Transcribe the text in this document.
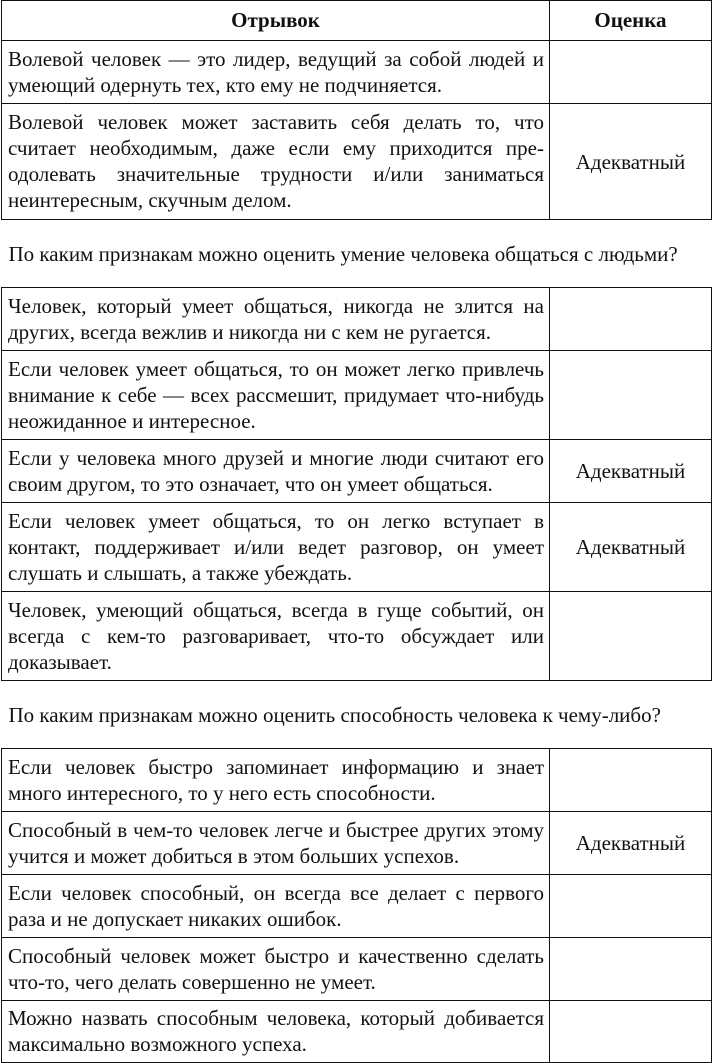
Отрывок	Оценка
Волевой человек — это лидер, ведущий за собой людей и умеющий одернуть тех, кто ему не подчиняется.	
Волевой человек может заставить себя делать то, что считает необходимым, даже если ему приходится преодолевать значительные трудности и/или заниматься неинтересным, скучным делом.	Адекватный
По каким признакам можно оценить умение человека общаться с людьми?	
Человек, который умеет общаться, никогда не злится на других, всегда вежлив и никогда ни с кем не ругается.	
Если человек умеет общаться, то он может легко привлечь внимание к себе — всех рассмешит, придумает что-нибудь неожиданное и интересное.	
Если у человека много друзей и многие люди считают его своим другом, то это означает, что он умеет общаться.	Адекватный
Если человек умеет общаться, то он легко вступает в контакт, поддерживает и/или ведет разговор, он умеет слушать и слышать, а также убеждать.	Адекватный
Человек, умеющий общаться, всегда в гуще событий, он всегда с кем-то разговаривает, что-то обсуждает или доказывает.	
По каким признакам можно оценить способность человека к чему-либо?	
Если человек быстро запоминает информацию и знает много интересного, то у него есть способности.	
Способный в чем-то человек легче и быстрее других этому учится и может добиться в этом больших успехов.	Адекватный
Если человек способный, он всегда все делает с первого раза и не допускает никаких ошибок.	
Способный человек может быстро и качественно сделать что-то, чего делать совершенно не умеет.	
Можно назвать способным человека, который добивается максимально возможного успеха.	
